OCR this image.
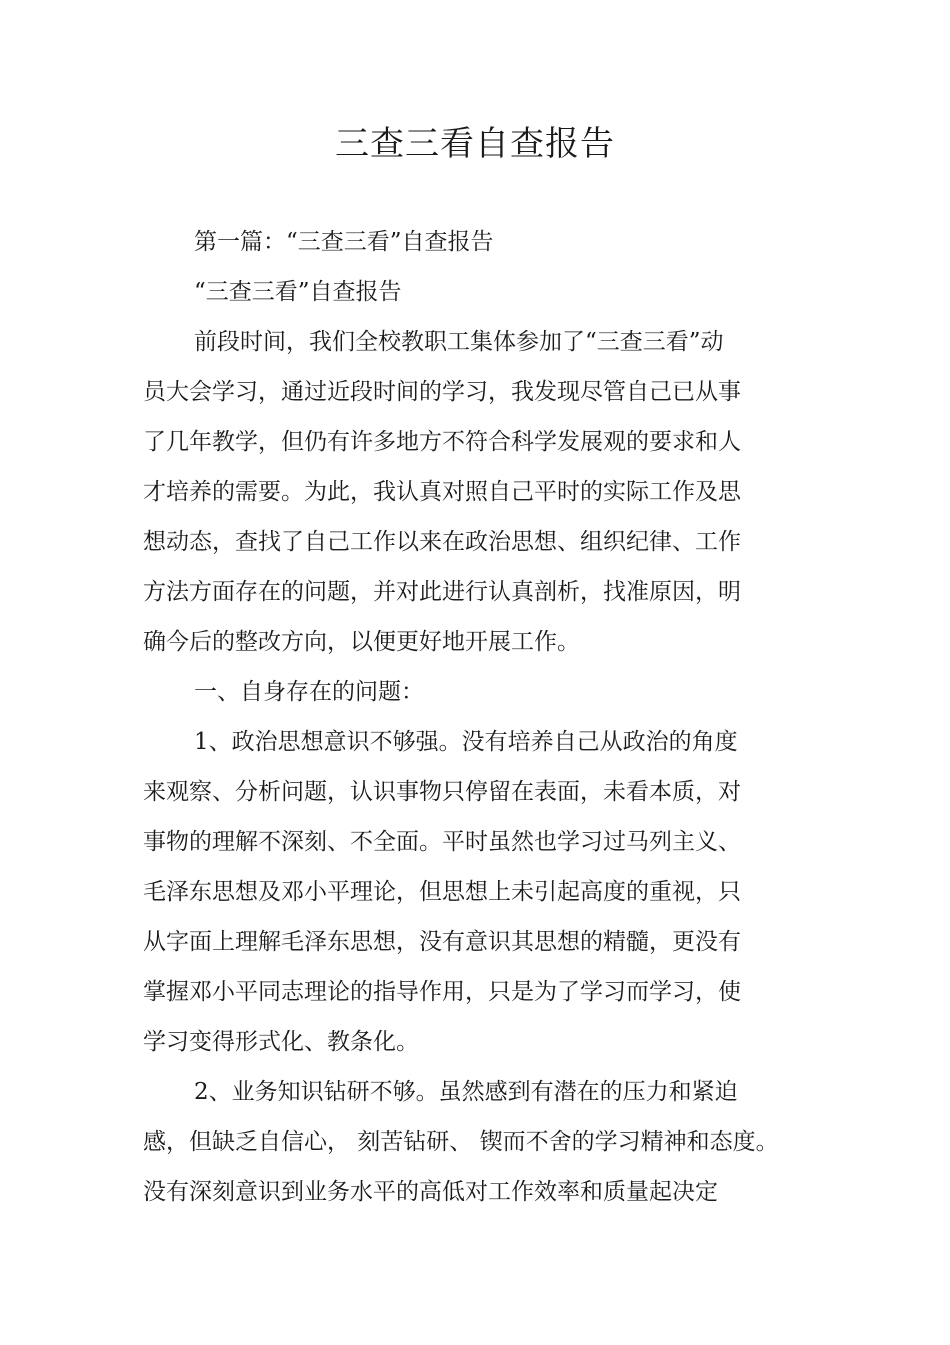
三查三看自查报告
第一篇：“三查三看”自查报告
“三查三看”自查报告
前段时间，我们全校教职工集体参加了“三查三看”动
员大会学习，通过近段时间的学习，我发现尽管自己已从事
了几年教学，但仍有许多地方不符合科学发展观的要求和人
才培养的需要。为此，我认真对照自己平时的实际工作及思
想动态，查找了自己工作以来在政治思想、组织纪律、工作
方法方面存在的问题，并对此进行认真剖析，找准原因，明
确今后的整改方向，以便更好地开展工作。
一、自身存在的问题：
1、政治思想意识不够强。没有培养自己从政治的角度
来观察、分析问题，认识事物只停留在表面，未看本质，对
事物的理解不深刻、不全面。平时虽然也学习过马列主义、
毛泽东思想及邓小平理论，但思想上未引起高度的重视，只
从字面上理解毛泽东思想，没有意识其思想的精髓，更没有
掌握邓小平同志理论的指导作用，只是为了学习而学习，使
学习变得形式化、教条化。
2、业务知识钻研不够。虽然感到有潜在的压力和紧迫
感，但缺乏自信心， 刻苦钻研、 锲而不舍的学习精神和态度。
没有深刻意识到业务水平的高低对工作效率和质量起决定
